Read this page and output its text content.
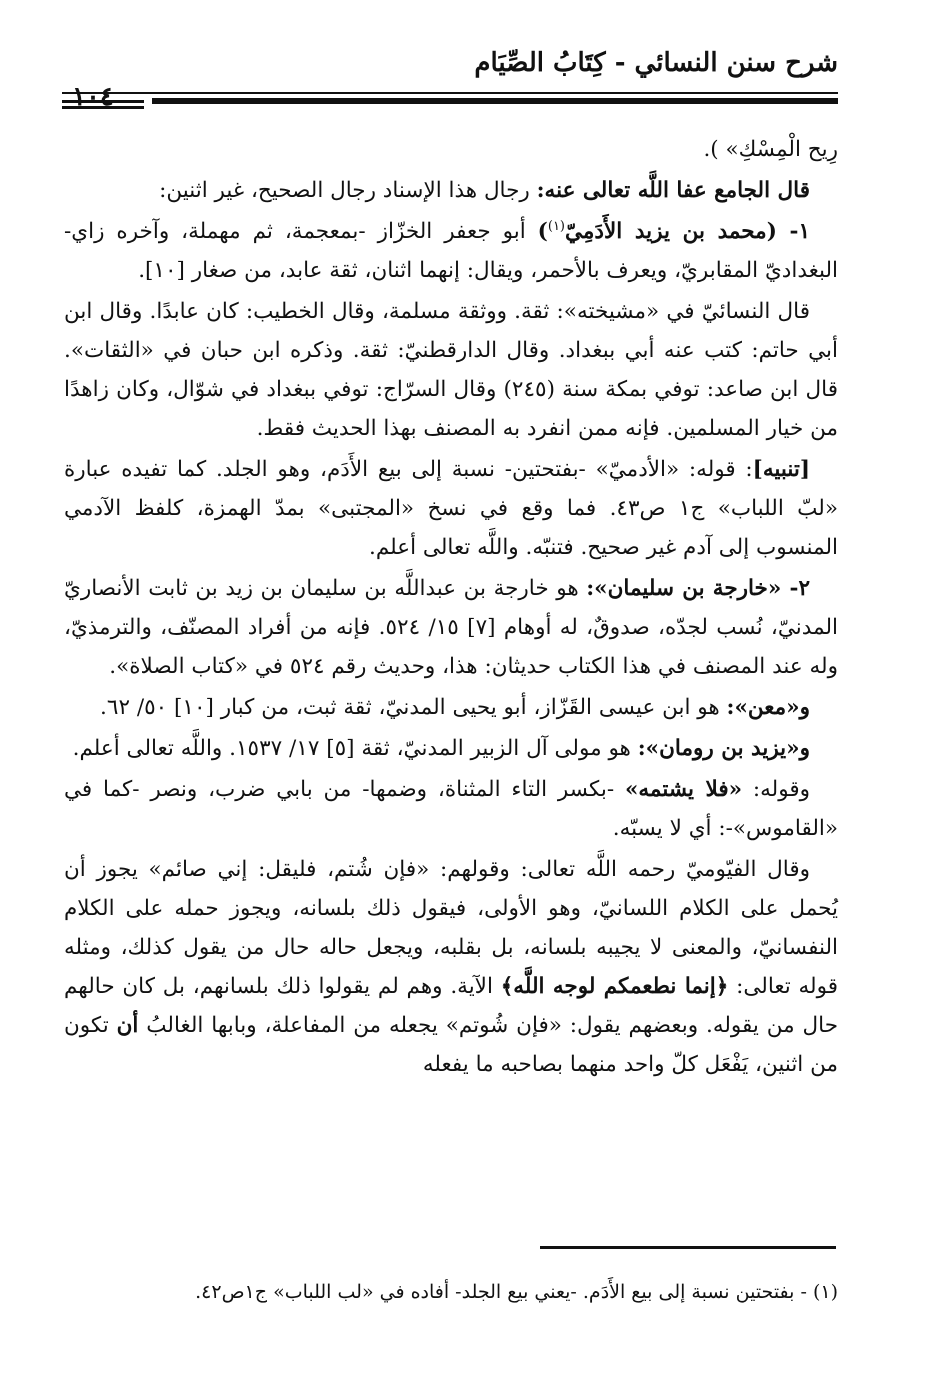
شرح سنن النسائي - كِتَابُ الصِّيَام
١٠٤

رِيح الْمِسْكِ» ).

قال الجامع عفا اللَّه تعالى عنه: رجال هذا الإسناد رجال الصحيح، غير اثنين:

١- (محمد بن يزيد الأَدَمِيّ$^{(١)}$) أبو جعفر الخزّاز -بمعجمة، ثم مهملة، وآخره زاي- البغداديّ المقابريّ، ويعرف بالأحمر، ويقال: إنهما اثنان، ثقة عابد، من صغار [١٠].

قال النسائيّ في «مشيخته»: ثقة. ووثقة مسلمة، وقال الخطيب: كان عابدًا. وقال ابن أبي حاتم: كتب عنه أبي ببغداد. وقال الدارقطنيّ: ثقة. وذكره ابن حبان في «الثقات». قال ابن صاعد: توفي بمكة سنة (٢٤٥) وقال السرّاج: توفي ببغداد في شوّال، وكان زاهدًا من خيار المسلمين. فإنه ممن انفرد به المصنف بهذا الحديث فقط.

[تنبيه]: قوله: «الأدميّ» -بفتحتين- نسبة إلى بيع الأَدَم، وهو الجلد. كما تفيده عبارة «لبّ اللباب» ج١ ص٤٣. فما وقع في نسخ «المجتبى» بمدّ الهمزة، كلفظ الآدمي المنسوب إلى آدم غير صحيح. فتنبّه. واللَّه تعالى أعلم.

٢- «خارجة بن سليمان»: هو خارجة بن عبداللَّه بن سليمان بن زيد بن ثابت الأنصاريّ المدنيّ، نُسب لجدّه، صدوقٌ، له أوهام [٧] ١٥/ ٥٢٤. فإنه من أفراد المصنّف، والترمذيّ، وله عند المصنف في هذا الكتاب حديثان: هذا، وحديث رقم ٥٢٤ في «كتاب الصلاة».

و«معن»: هو ابن عيسى القَزّاز، أبو يحيى المدنيّ، ثقة ثبت، من كبار [١٠] ٥٠/ ٦٢.

و«يزيد بن رومان»: هو مولى آل الزبير المدنيّ، ثقة [٥] ١٧/ ١٥٣٧. واللَّه تعالى أعلم.

وقوله: «فلا يشتمه» -بكسر التاء المثناة، وضمها- من بابي ضرب، ونصر -كما في «القاموس»-: أي لا يسبّه.

وقال الفيّوميّ رحمه اللَّه تعالى: وقولهم: «فإن شُتم، فليقل: إني صائم» يجوز أن يُحمل على الكلام اللسانيّ، وهو الأولى، فيقول ذلك بلسانه، ويجوز حمله على الكلام النفسانيّ، والمعنى لا يجيبه بلسانه، بل بقلبه، ويجعل حاله حال من يقول كذلك، ومثله قوله تعالى: ﴿إنما نطعمكم لوجه اللَّه﴾ الآية. وهم لم يقولوا ذلك بلسانهم، بل كان حالهم حال من يقوله. وبعضهم يقول: «فإن شُوتم» يجعله من المفاعلة، وبابها الغالبُ أن تكون من اثنين، يَفْعَل كلّ واحد منهما بصاحبه ما يفعله

(١) - بفتحتين نسبة إلى بيع الأَدَم. -يعني بيع الجلد- أفاده في «لب اللباب» ج١ص٤٢.
